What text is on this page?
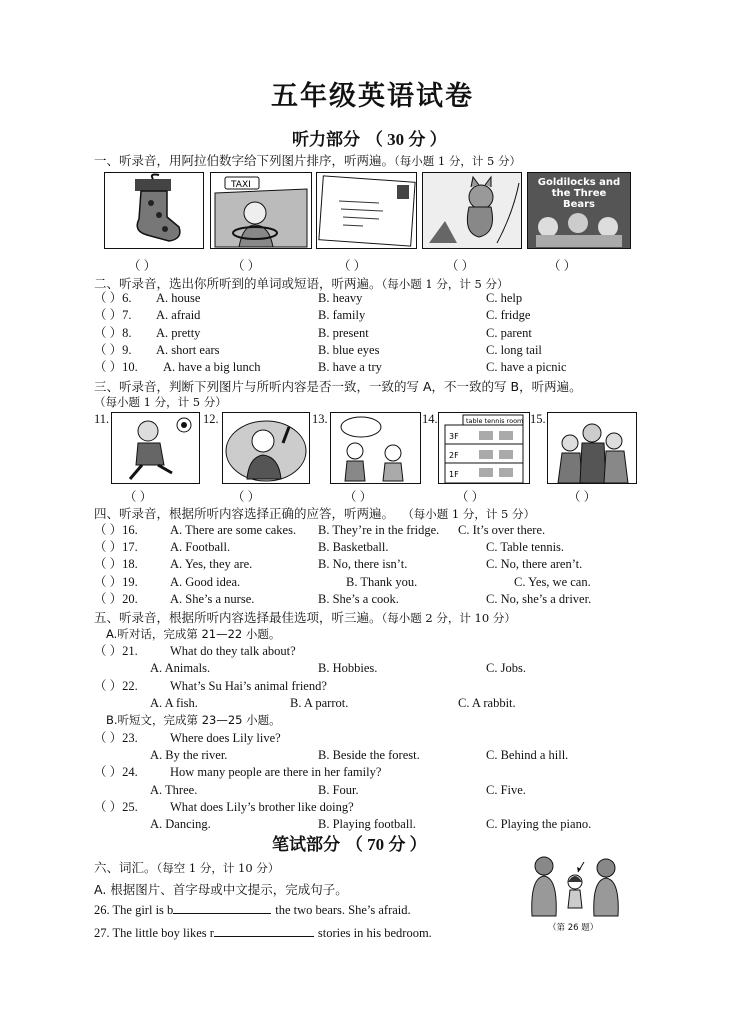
五年级英语试卷
听力部分 （ 30 分 ）
一、听录音，用阿拉伯数字给下列图片排序，听两遍。（每小题 1 分，计 5 分）
TAXI	Goldilocks and the Three Bears
（ ）	（ ）	（ ）	（ ）	（ ）
二、听录音，选出你所听到的单词或短语，听两遍。（每小题 1 分，计 5 分）
（ ）6. A. house	B. heavy	C. help
（ ）7. A. afraid	B. family	C. fridge
（ ）8. A. pretty	B. present	C. parent
（ ）9. A. short ears	B. blue eyes	C. long tail
（ ）10. A. have a big lunch	B. have a try	C. have a picnic
三、听录音，判断下列图片与所听内容是否一致，一致的写 A，不一致的写 B，听两遍。
（每小题 1 分，计 5 分）
11.	12.	13.	14.	table tennis room
3F
2F
1F
15.
（ ）	（ ）	（ ）	（ ）	（ ）
四、听录音，根据所听内容选择正确的应答，听两遍。 （每小题 1 分，计 5 分）
（ ）16.	A. There are some cakes. B. They’re in the fridge. C. It’s over there.
（ ）17.	A. Football.	B. Basketball.	C. Table tennis.
（ ）18.	A. Yes, they are.	B. No, there isn’t.	C. No, there aren’t.
（ ）19.	A. Good idea.	B. Thank you.	C. Yes, we can.
（ ）20.	A. She’s a nurse.	B. She’s a cook.	C. No, she’s a driver.
五、听录音，根据所听内容选择最佳选项，听三遍。（每小题 2 分，计 10 分）
A.听对话，完成第 21—22 小题。
（ ）21.	What do they talk about?
A. Animals.	B. Hobbies.	C. Jobs.
（ ）22.	What’s Su Hai’s animal friend?
A. A fish.	B. A parrot.	C. A rabbit.
B.听短文，完成第 23—25 小题。
（ ）23.	Where does Lily live?
A. By the river.	B. Beside the forest.	C. Behind a hill.
（ ）24.	How many people are there in her family?
A. Three.	B. Four.	C. Five.
（ ）25.	What does Lily’s brother like doing?
A. Dancing.	B. Playing football.	C. Playing the piano.
笔试部分 （ 70 分 ）
六、词汇。（每空 1 分，计 10 分）
A. 根据图片、首字母或中文提示，完成句子。
26. The girl is b	the two bears. She’s afraid.
27. The little boy likes r	stories in his bedroom.	（第 26 题）
